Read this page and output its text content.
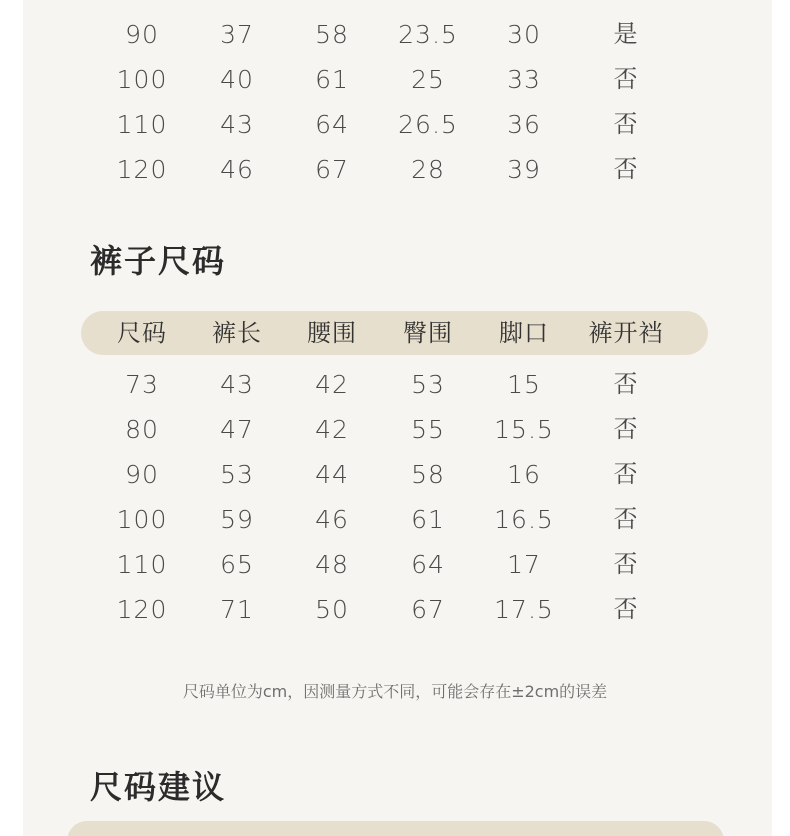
90	37	58	23.5	30	是
100	40	61	25	33	否
110	43	64	26.5	36	否
120	46	67	28	39	否
裤子尺码
尺码	裤长	腰围	臀围	脚口	裤开裆
73	43	42	53	15	否
80	47	42	55	15.5	否
90	53	44	58	16	否
100	59	46	61	16.5	否
110	65	48	64	17	否
120	71	50	67	17.5	否
尺码单位为cm，因测量方式不同，可能会存在±2cm的误差
尺码建议
